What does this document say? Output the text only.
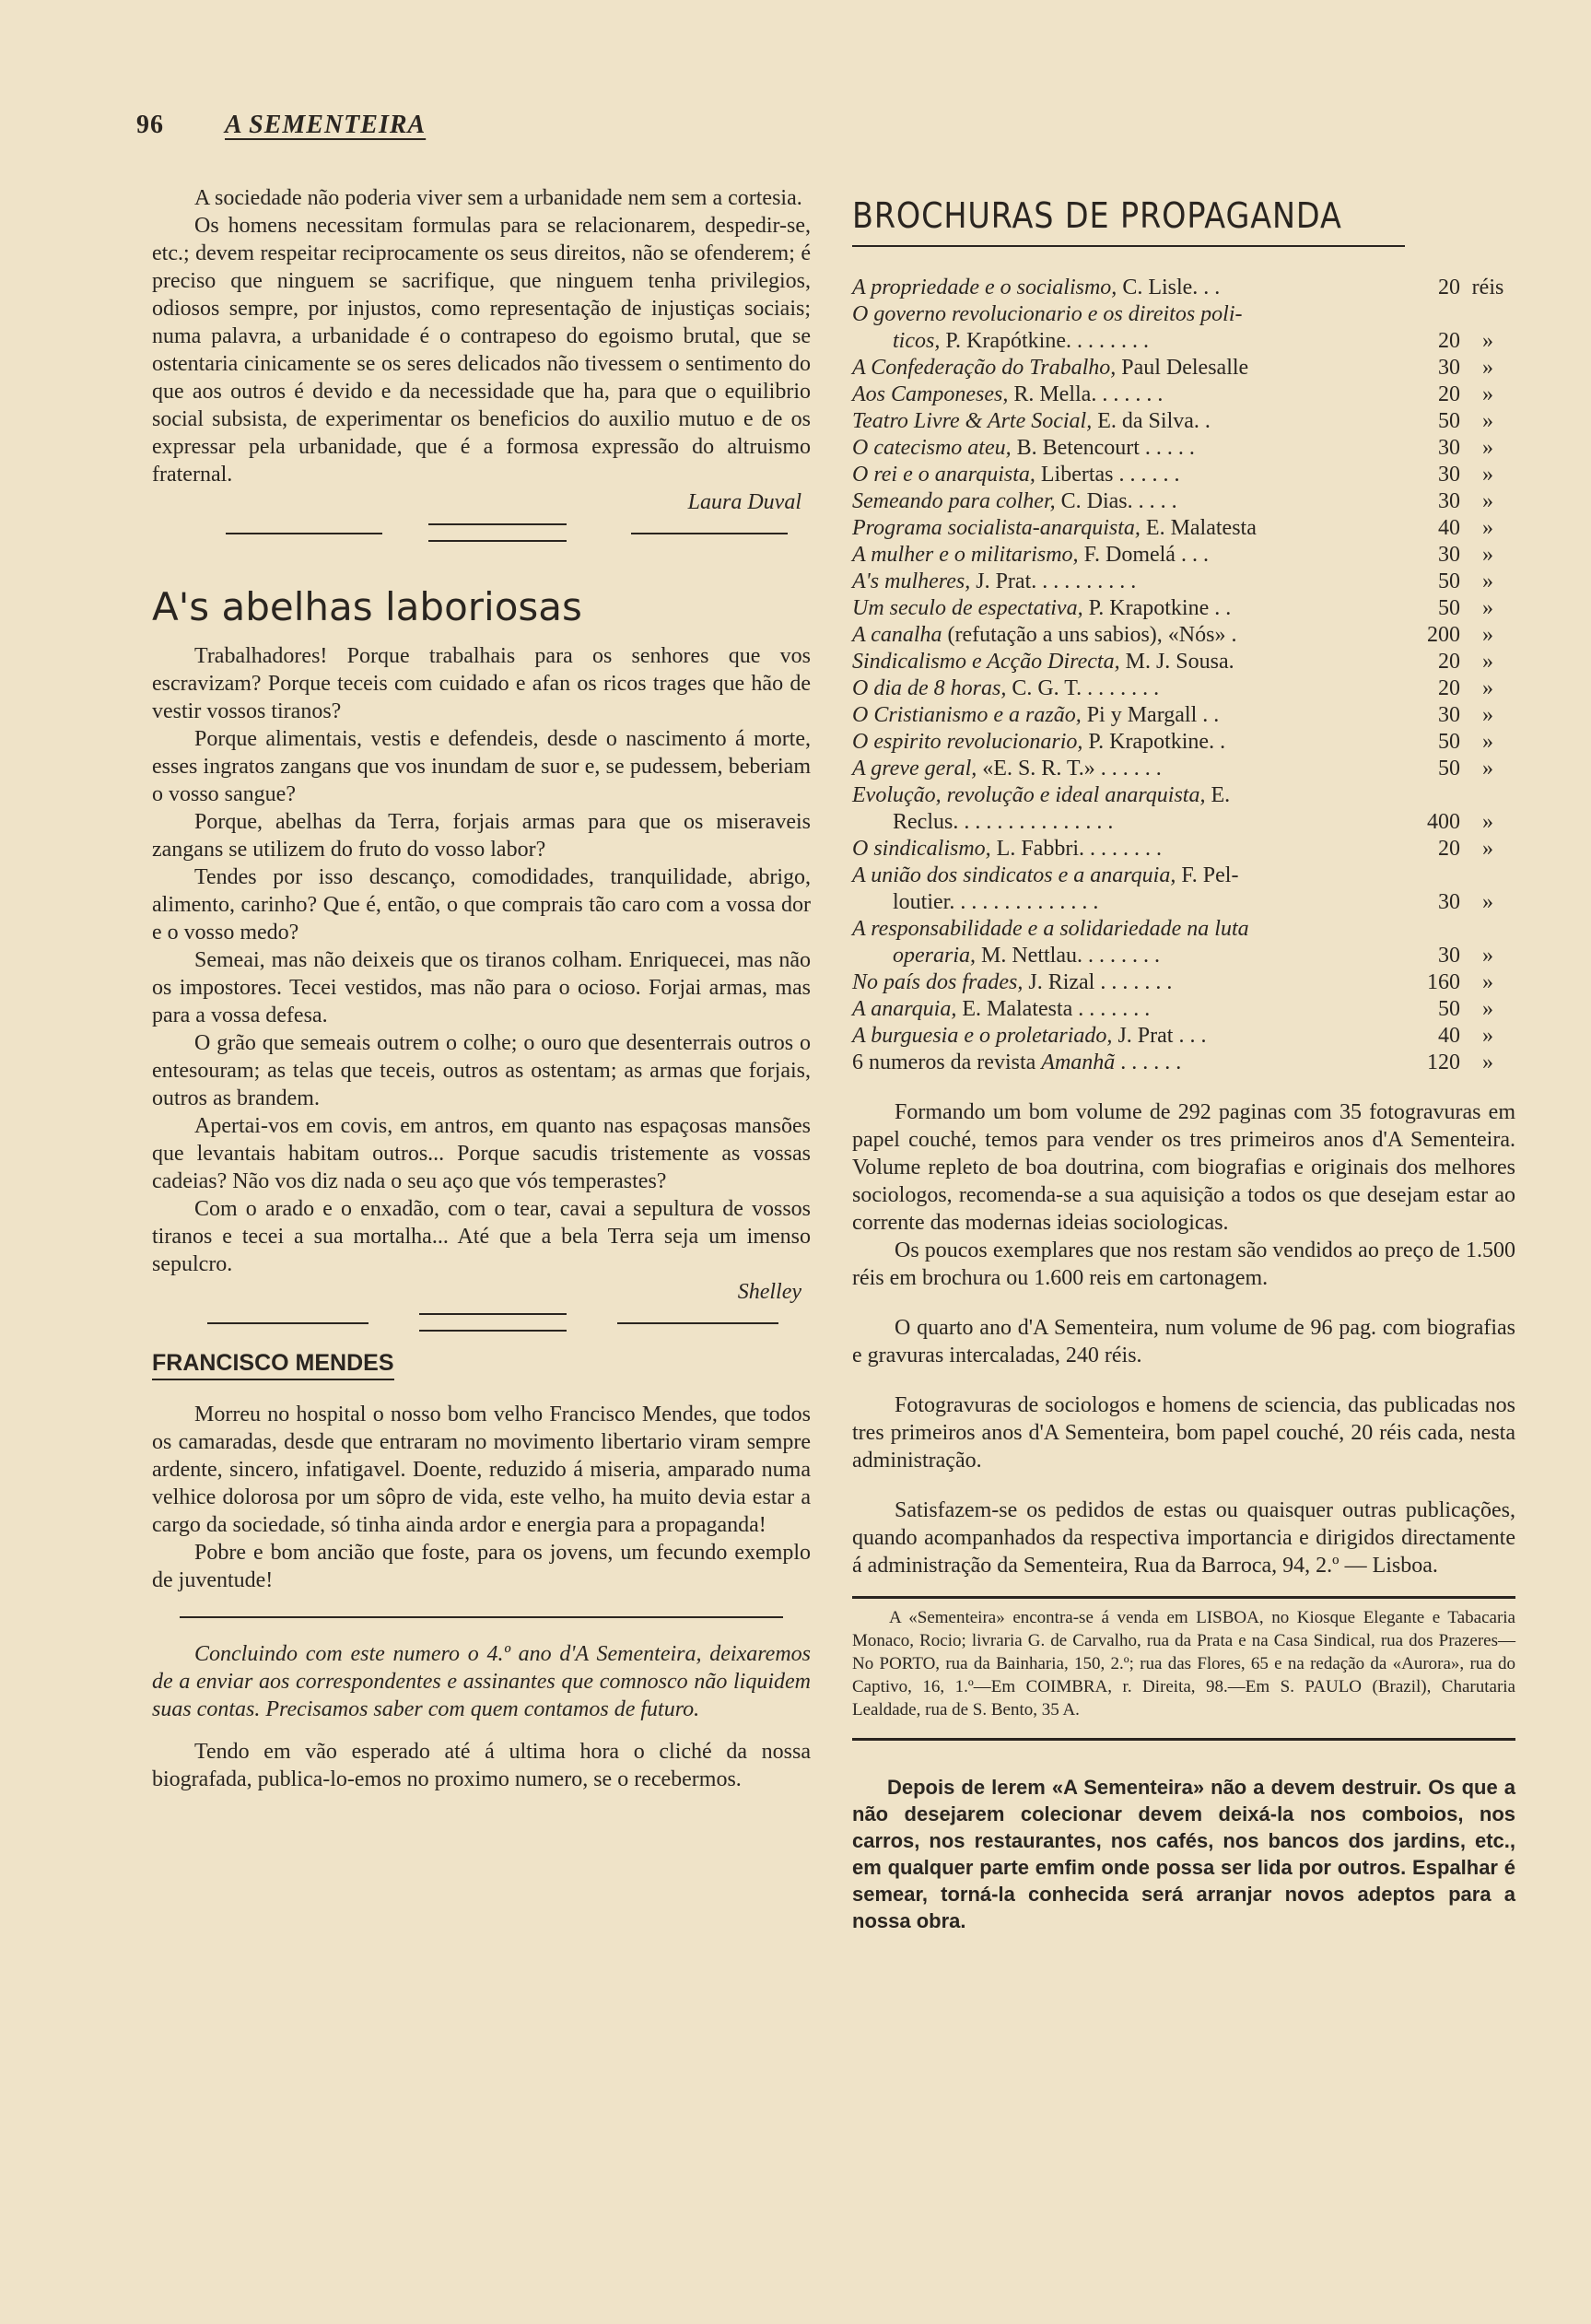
96 A SEMENTEIRA

A sociedade não poderia viver sem a urbanidade nem sem a cortesia.

Os homens necessitam formulas para se relacionarem, despedir-se, etc.; devem respeitar reciprocamente os seus direitos, não se ofenderem; é preciso que ninguem se sacrifique, que ninguem tenha privilegios, odiosos sempre, por injustos, como representação de injustiças sociais; numa palavra, a urbanidade é o contrapeso do egoismo brutal, que se ostentaria cinicamente se os seres delicados não tivessem o sentimento do que aos outros é devido e da necessidade que ha, para que o equilibrio social subsista, de experimentar os beneficios do auxilio mutuo e de os expressar pela urbanidade, que é a formosa expressão do altruismo fraternal.

Laura Duval
A's abelhas laboriosas

Trabalhadores! Porque trabalhais para os senhores que vos escravizam? Porque teceis com cuidado e afan os ricos trages que hão de vestir vossos tiranos?

Porque alimentais, vestis e defendeis, desde o nascimento á morte, esses ingratos zangans que vos inundam de suor e, se pudessem, beberiam o vosso sangue?

Porque, abelhas da Terra, forjais armas para que os miseraveis zangans se utilizem do fruto do vosso labor?

Tendes por isso descanço, comodidades, tranquilidade, abrigo, alimento, carinho? Que é, então, o que comprais tão caro com a vossa dor e o vosso medo?

Semeai, mas não deixeis que os tiranos colham. Enriquecei, mas não os impostores. Tecei vestidos, mas não para o ocioso. Forjai armas, mas para a vossa defesa.

O grão que semeais outrem o colhe; o ouro que desenterrais outros o entesouram; as telas que teceis, outros as ostentam; as armas que forjais, outros as brandem.

Apertai-vos em covis, em antros, em quanto nas espaçosas mansões que levantais habitam outros... Porque sacudis tristemente as vossas cadeias? Não vos diz nada o seu aço que vós temperastes?

Com o arado e o enxadão, com o tear, cavai a sepultura de vossos tiranos e tecei a sua mortalha... Até que a bela Terra seja um imenso sepulcro.

Shelley
FRANCISCO MENDES

Morreu no hospital o nosso bom velho Francisco Mendes, que todos os camaradas, desde que entraram no movimento libertario viram sempre ardente, sincero, infatigavel. Doente, reduzido á miseria, amparado numa velhice dolorosa por um sôpro de vida, este velho, ha muito devia estar a cargo da sociedade, só tinha ainda ardor e energia para a propaganda!

Pobre e bom ancião que foste, para os jovens, um fecundo exemplo de juventude!

Concluindo com este numero o 4.º ano d'A Sementeira, deixaremos de a enviar aos correspondentes e assinantes que comnosco não liquidem suas contas. Precisamos saber com quem contamos de futuro.

Tendo em vão esperado até á ultima hora o cliché da nossa biografada, publica-lo-emos no proximo numero, se o recebermos.

BROCHURAS DE PROPAGANDA
A propriedade e o socialismo, C. Lisle. . .	20 réis
O governo revolucionario e os direitos poli-
ticos, P. Krapótkine. . . . . . . .	20	»
A Confederação do Trabalho, Paul Delesalle	30	»
Aos Camponeses, R. Mella. . . . . . .	20	»
Teatro Livre & Arte Social, E. da Silva. .	50	»
O catecismo ateu, B. Betencourt . . . . .	30	»
O rei e o anarquista, Libertas . . . . . .	30	»
Semeando para colher, C. Dias. . . . .	30	»
Programa socialista-anarquista, E. Malatesta	40	»
A mulher e o militarismo, F. Domelá . . .	30	»
A's mulheres, J. Prat. . . . . . . . . .	50	»
Um seculo de espectativa, P. Krapotkine . .	50	»
A canalha (refutação a uns sabios), «Nós» .	200	»
Sindicalismo e Acção Directa, M. J. Sousa.	20	»
O dia de 8 horas, C. G. T. . . . . . . .	20	»
O Cristianismo e a razão, Pi y Margall . .	30	»
O espirito revolucionario, P. Krapotkine. .	50	»
A greve geral, «E. S. R. T.» . . . . . .	50	»
Evolução, revolução e ideal anarquista, E.
Reclus. . . . . . . . . . . . . . .	400	»
O sindicalismo, L. Fabbri. . . . . . . .	20	»
A união dos sindicatos e a anarquia, F. Pel-
loutier. . . . . . . . . . . . . .	30	»
A responsabilidade e a solidariedade na luta
operaria, M. Nettlau. . . . . . . .	30	»
No país dos frades, J. Rizal . . . . . . .	160	»
A anarquia, E. Malatesta . . . . . . .	50	»
A burguesia e o proletariado, J. Prat . . .	40	»
6 numeros da revista Amanhã . . . . . .	120	»

Formando um bom volume de 292 paginas com 35 fotogravuras em papel couché, temos para vender os tres primeiros anos d'A Sementeira. Volume repleto de boa doutrina, com biografias e originais dos melhores sociologos, recomenda-se a sua aquisição a todos os que desejam estar ao corrente das modernas ideias sociologicas.

Os poucos exemplares que nos restam são vendidos ao preço de 1.500 réis em brochura ou 1.600 reis em cartonagem.

O quarto ano d'A Sementeira, num volume de 96 pag. com biografias e gravuras intercaladas, 240 réis.

Fotogravuras de sociologos e homens de sciencia, das publicadas nos tres primeiros anos d'A Sementeira, bom papel couché, 20 réis cada, nesta administração.

Satisfazem-se os pedidos de estas ou quaisquer outras publicações, quando acompanhados da respectiva importancia e dirigidos directamente á administração da Sementeira, Rua da Barroca, 94, 2.º — Lisboa.

A «Sementeira» encontra-se á venda em LISBOA, no Kiosque Elegante e Tabacaria Monaco, Rocio; livraria G. de Carvalho, rua da Prata e na Casa Sindical, rua dos Prazeres—No PORTO, rua da Bainharia, 150, 2.º; rua das Flores, 65 e na redação da «Aurora», rua do Captivo, 16, 1.º—Em COIMBRA, r. Direita, 98.—Em S. PAULO (Brazil), Charutaria Lealdade, rua de S. Bento, 35 A.

Depois de lerem «A Sementeira» não a devem destruir. Os que a não desejarem colecionar devem deixá-la nos comboios, nos carros, nos restaurantes, nos cafés, nos bancos dos jardins, etc., em qualquer parte emfim onde possa ser lida por outros. Espalhar é semear, torná-la conhecida será arranjar novos adeptos para a nossa obra.
